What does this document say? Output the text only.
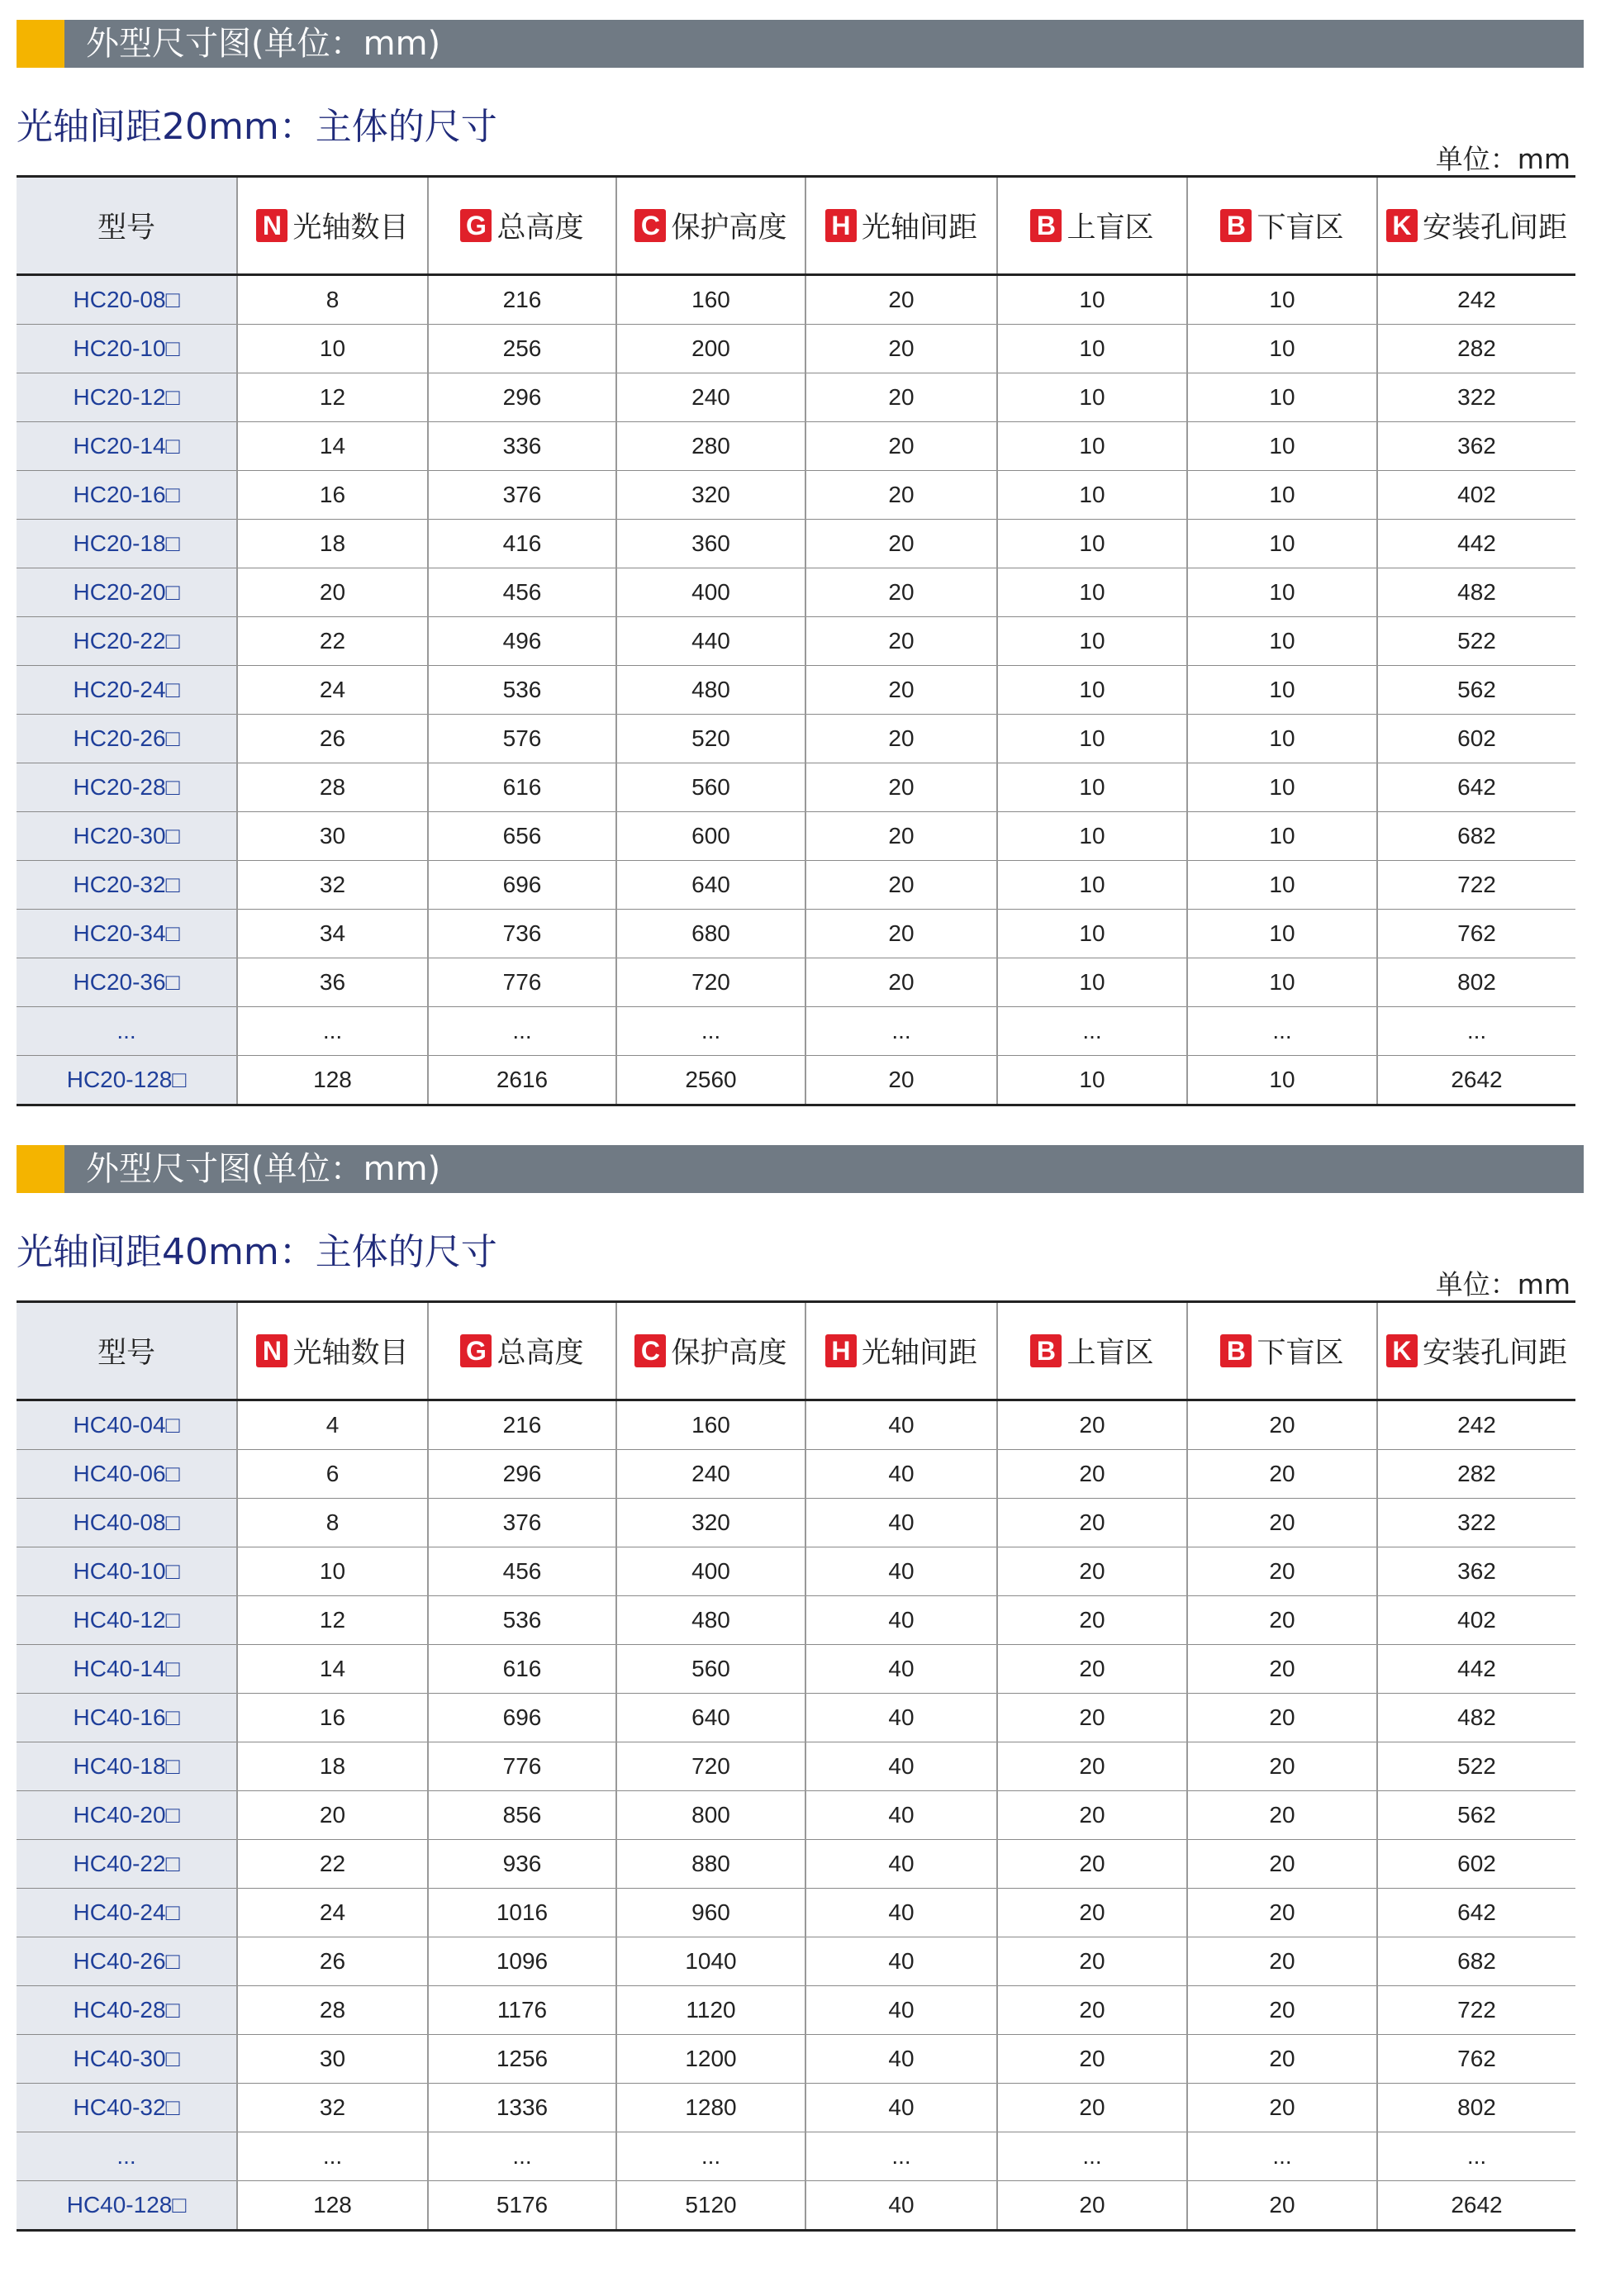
外型尺寸图(单位：mm)
光轴间距20mm：主体的尺寸
单位：mm
型号	N 光轴数目	G 总高度	C 保护高度	H 光轴间距	B 上盲区	B 下盲区	K 安装孔间距
HC20-08□	8	216	160	20	10	10	242
HC20-10□	10	256	200	20	10	10	282
HC20-12□	12	296	240	20	10	10	322
HC20-14□	14	336	280	20	10	10	362
HC20-16□	16	376	320	20	10	10	402
HC20-18□	18	416	360	20	10	10	442
HC20-20□	20	456	400	20	10	10	482
HC20-22□	22	496	440	20	10	10	522
HC20-24□	24	536	480	20	10	10	562
HC20-26□	26	576	520	20	10	10	602
HC20-28□	28	616	560	20	10	10	642
HC20-30□	30	656	600	20	10	10	682
HC20-32□	32	696	640	20	10	10	722
HC20-34□	34	736	680	20	10	10	762
HC20-36□	36	776	720	20	10	10	802
...	...	...	...	...	...	...	...
HC20-128□	128	2616	2560	20	10	10	2642
外型尺寸图(单位：mm)
光轴间距40mm：主体的尺寸
单位：mm
型号	N 光轴数目	G 总高度	C 保护高度	H 光轴间距	B 上盲区	B 下盲区	K 安装孔间距
HC40-04□	4	216	160	40	20	20	242
HC40-06□	6	296	240	40	20	20	282
HC40-08□	8	376	320	40	20	20	322
HC40-10□	10	456	400	40	20	20	362
HC40-12□	12	536	480	40	20	20	402
HC40-14□	14	616	560	40	20	20	442
HC40-16□	16	696	640	40	20	20	482
HC40-18□	18	776	720	40	20	20	522
HC40-20□	20	856	800	40	20	20	562
HC40-22□	22	936	880	40	20	20	602
HC40-24□	24	1016	960	40	20	20	642
HC40-26□	26	1096	1040	40	20	20	682
HC40-28□	28	1176	1120	40	20	20	722
HC40-30□	30	1256	1200	40	20	20	762
HC40-32□	32	1336	1280	40	20	20	802
...	...	...	...	...	...	...	...
HC40-128□	128	5176	5120	40	20	20	2642
